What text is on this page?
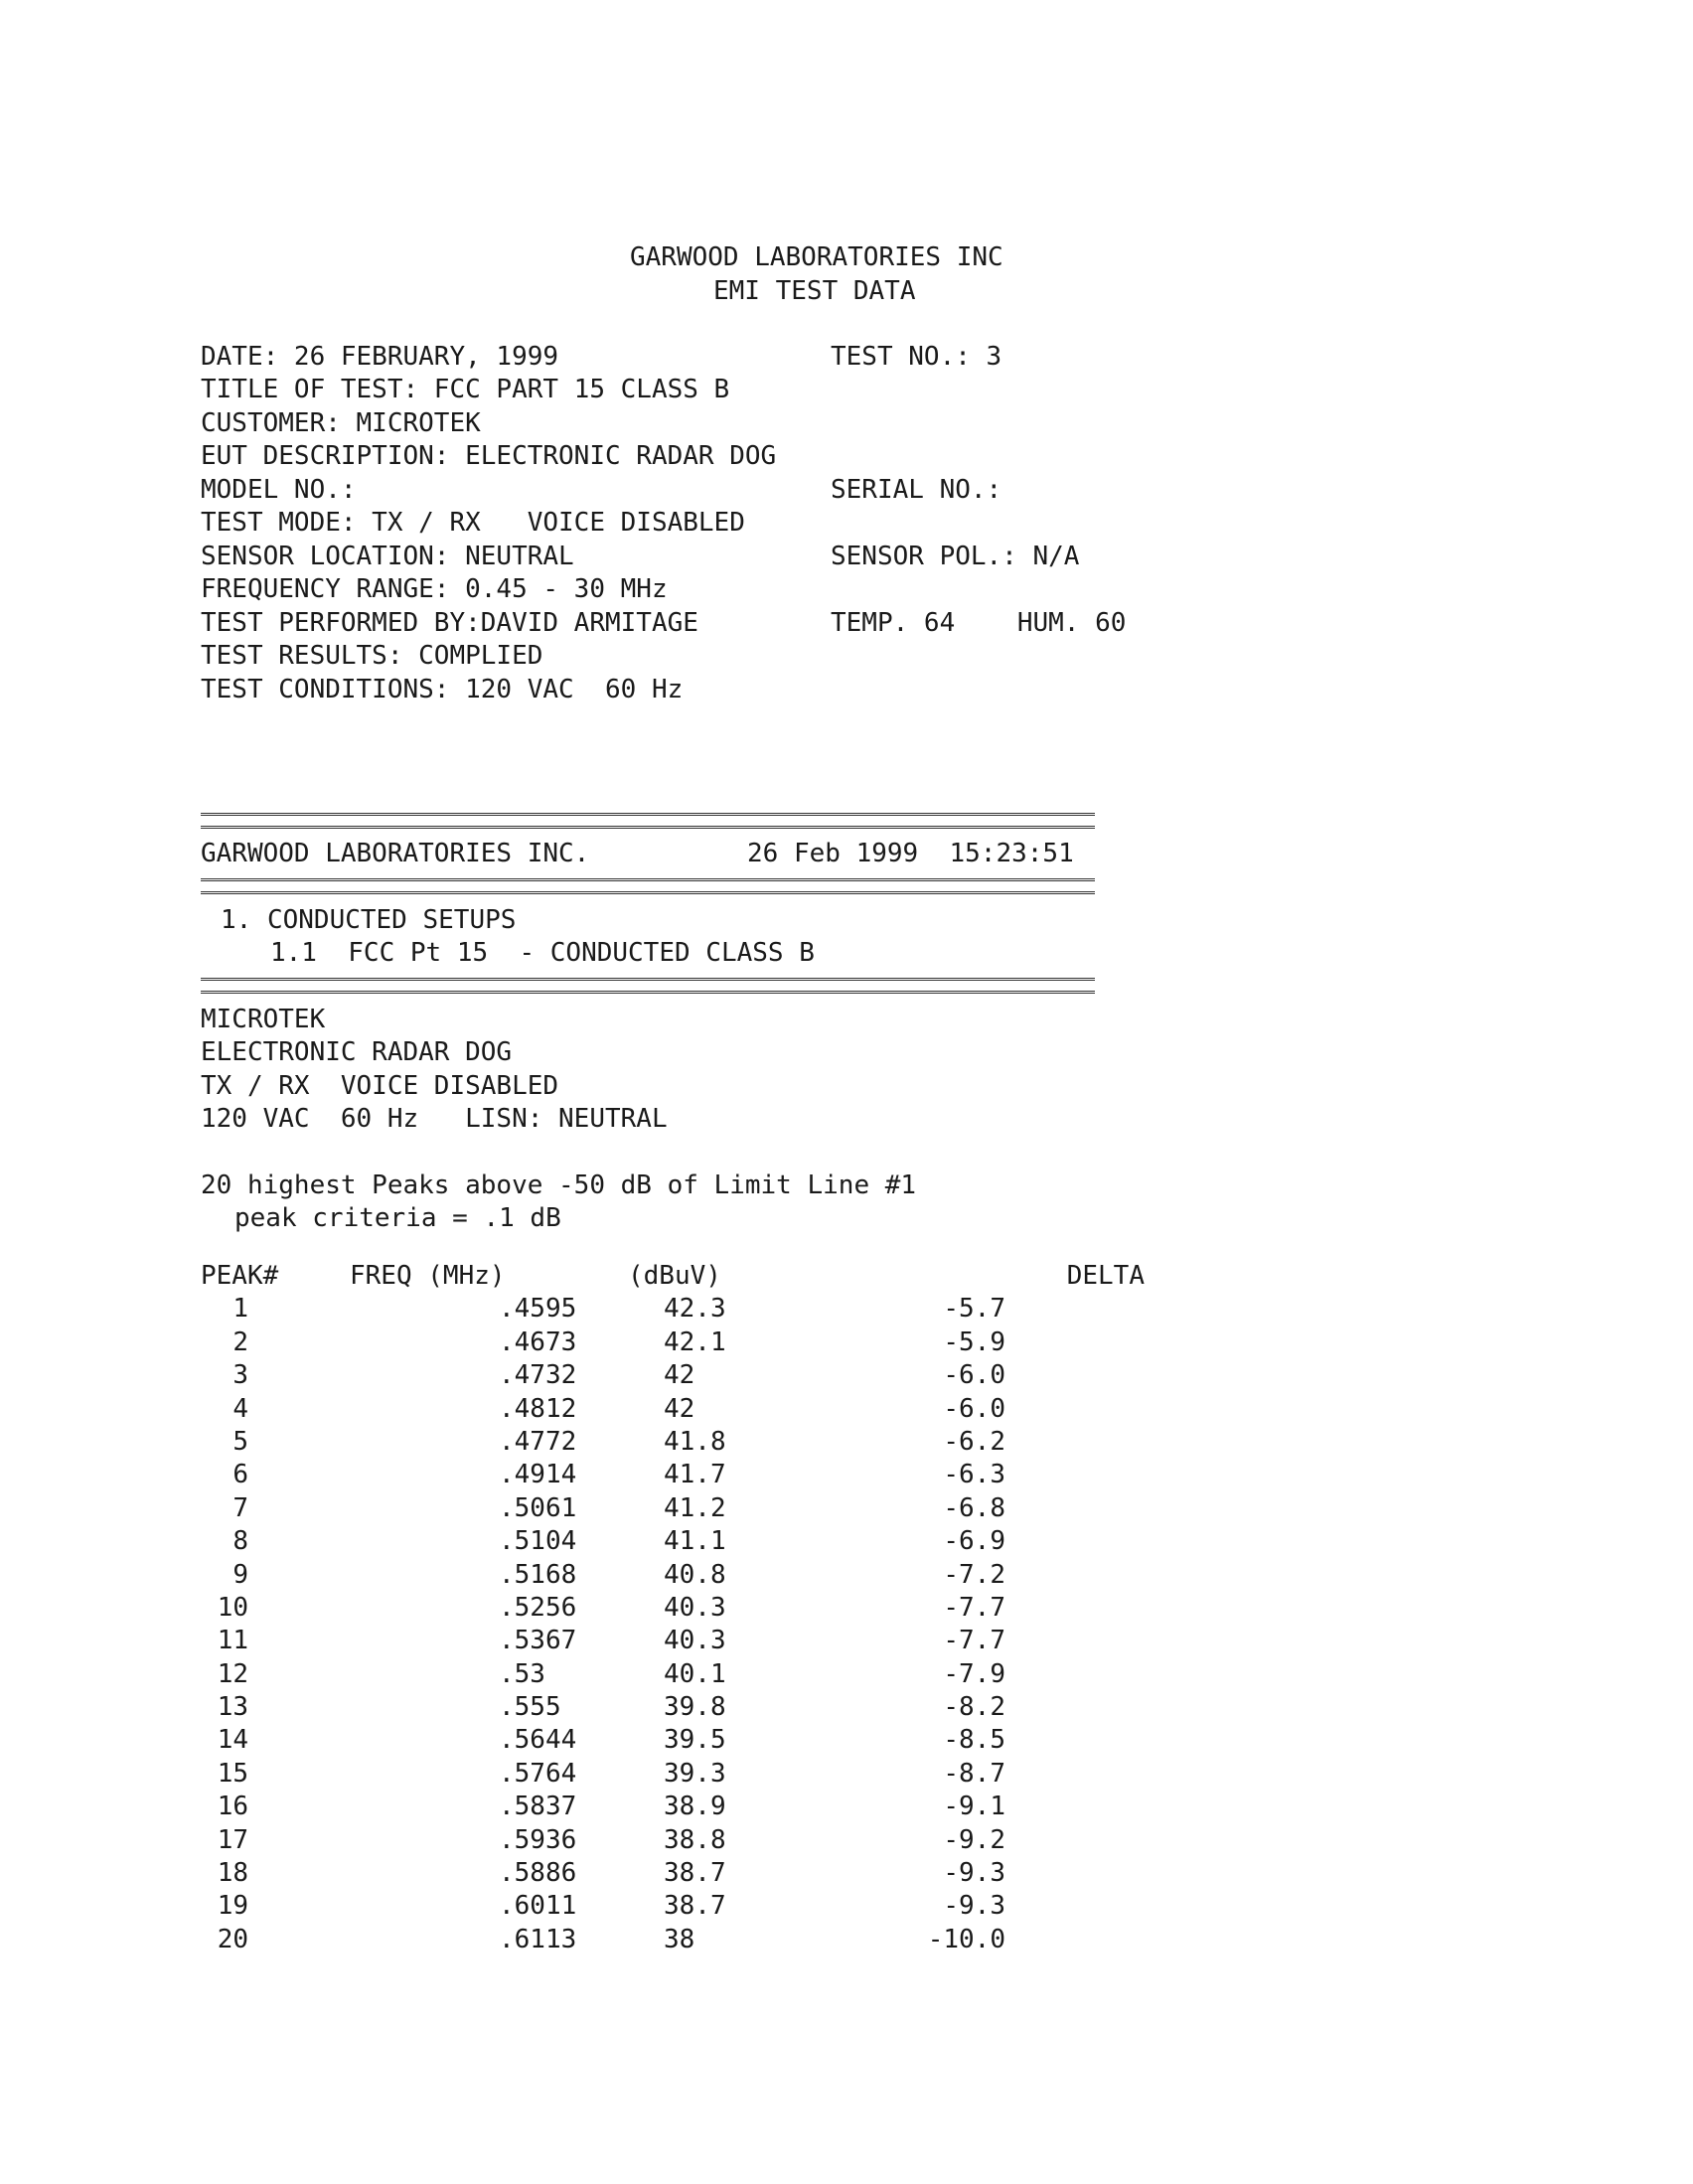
GARWOOD LABORATORIES INC
EMI TEST DATA
DATE: 26 FEBRUARY, 1999	TEST NO.: 3
TITLE OF TEST: FCC PART 15 CLASS B
CUSTOMER: MICROTEK
EUT DESCRIPTION: ELECTRONIC RADAR DOG
MODEL NO.:	SERIAL NO.:
TEST MODE: TX / RX   VOICE DISABLED
SENSOR LOCATION: NEUTRAL	SENSOR POL.: N/A
FREQUENCY RANGE: 0.45 - 30 MHz
TEST PERFORMED BY:DAVID ARMITAGE	TEMP. 64    HUM. 60
TEST RESULTS: COMPLIED
TEST CONDITIONS: 120 VAC  60 Hz
GARWOOD LABORATORIES INC.	26 Feb 1999  15:23:51
1. CONDUCTED SETUPS
1.1  FCC Pt 15  - CONDUCTED CLASS B
MICROTEK
ELECTRONIC RADAR DOG
TX / RX  VOICE DISABLED
120 VAC  60 Hz   LISN: NEUTRAL
20 highest Peaks above -50 dB of Limit Line #1
peak criteria = .1 dB
PEAK#	FREQ (MHz)	(dBuV)	DELTA
1	.4595	42.3	-5.7
2	.4673	42.1	-5.9
3	.4732	42	-6.0
4	.4812	42	-6.0
5	.4772	41.8	-6.2
6	.4914	41.7	-6.3
7	.5061	41.2	-6.8
8	.5104	41.1	-6.9
9	.5168	40.8	-7.2
10	.5256	40.3	-7.7
11	.5367	40.3	-7.7
12	.53	40.1	-7.9
13	.555	39.8	-8.2
14	.5644	39.5	-8.5
15	.5764	39.3	-8.7
16	.5837	38.9	-9.1
17	.5936	38.8	-9.2
18	.5886	38.7	-9.3
19	.6011	38.7	-9.3
20	.6113	38	-10.0
